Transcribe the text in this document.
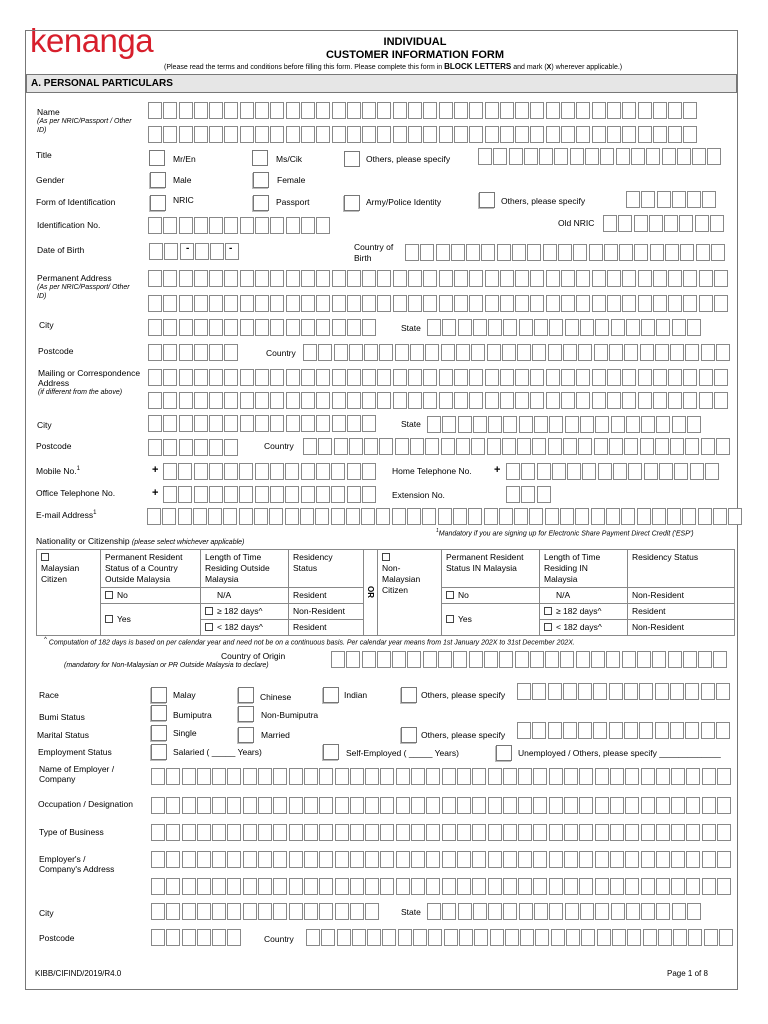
kenanga	INDIVIDUAL
CUSTOMER INFORMATION FORM
(Please read the terms and conditions before filling this form. Please complete this form in BLOCK LETTERS and mark (X) wherever applicable.)
A. PERSONAL PARTICULARS
Name
(As per NRIC/Passport / Other ID)
Title	Mr/En	Ms/Cik	Others, please specify
Gender	Male	Female
Form of Identification	NRIC	Passport	Army/Police Identity	Others, please specify
Identification No.	Old NRIC
Date of Birth	-	-	Country of Birth
Permanent Address
(As per NRIC/Passport/ Other ID)
City	State
Postcode	Country
Mailing or Correspondence Address
(if different from the above)
City	State
Postcode	Country
Mobile No.$^1$	+	Home Telephone No. +
Office Telephone No.	+	Extension No.
E-mail Address$^1$
$^1$Mandatory if you are signing up for Electronic Share Payment Direct Credit ('ESP')
Nationality or Citizenship (please select whichever applicable)

Malaysian Citizen	Permanent Resident Status of a Country Outside Malaysia	Length of Time Residing Outside Malaysia	Residency Status	OR	Non-Malaysian Citizen	Permanent Resident Status IN Malaysia	Length of Time Residing IN Malaysia	Residency Status
	No	N/A	Resident			No	N/A	Non-Resident
	Yes	≥ 182 days^	Non-Resident			Yes	≥ 182 days^	Resident
		< 182 days^	Resident				< 182 days^	Non-Resident
^ Computation of 182 days is based on per calendar year and need not be on a continuous basis. Per calendar year means from 1st January 202X to 31st December 202X.
Country of Origin
(mandatory for Non-Malaysian or PR Outside Malaysia to declare)
Race	Malay	Chinese	Indian	Others, please specify
Bumi Status	Bumiputra	Non-Bumiputra
Marital Status	Single	Married	Others, please specify
Employment Status	Salaried ( _____ Years)	Self-Employed ( _____ Years)	Unemployed / Others, please specify _____________
Name of Employer / Company
Occupation / Designation
Type of Business
Employer's / Company's Address
City	State
Postcode	Country
KIBB/CIFIND/2019/R4.0	Page 1 of 8
